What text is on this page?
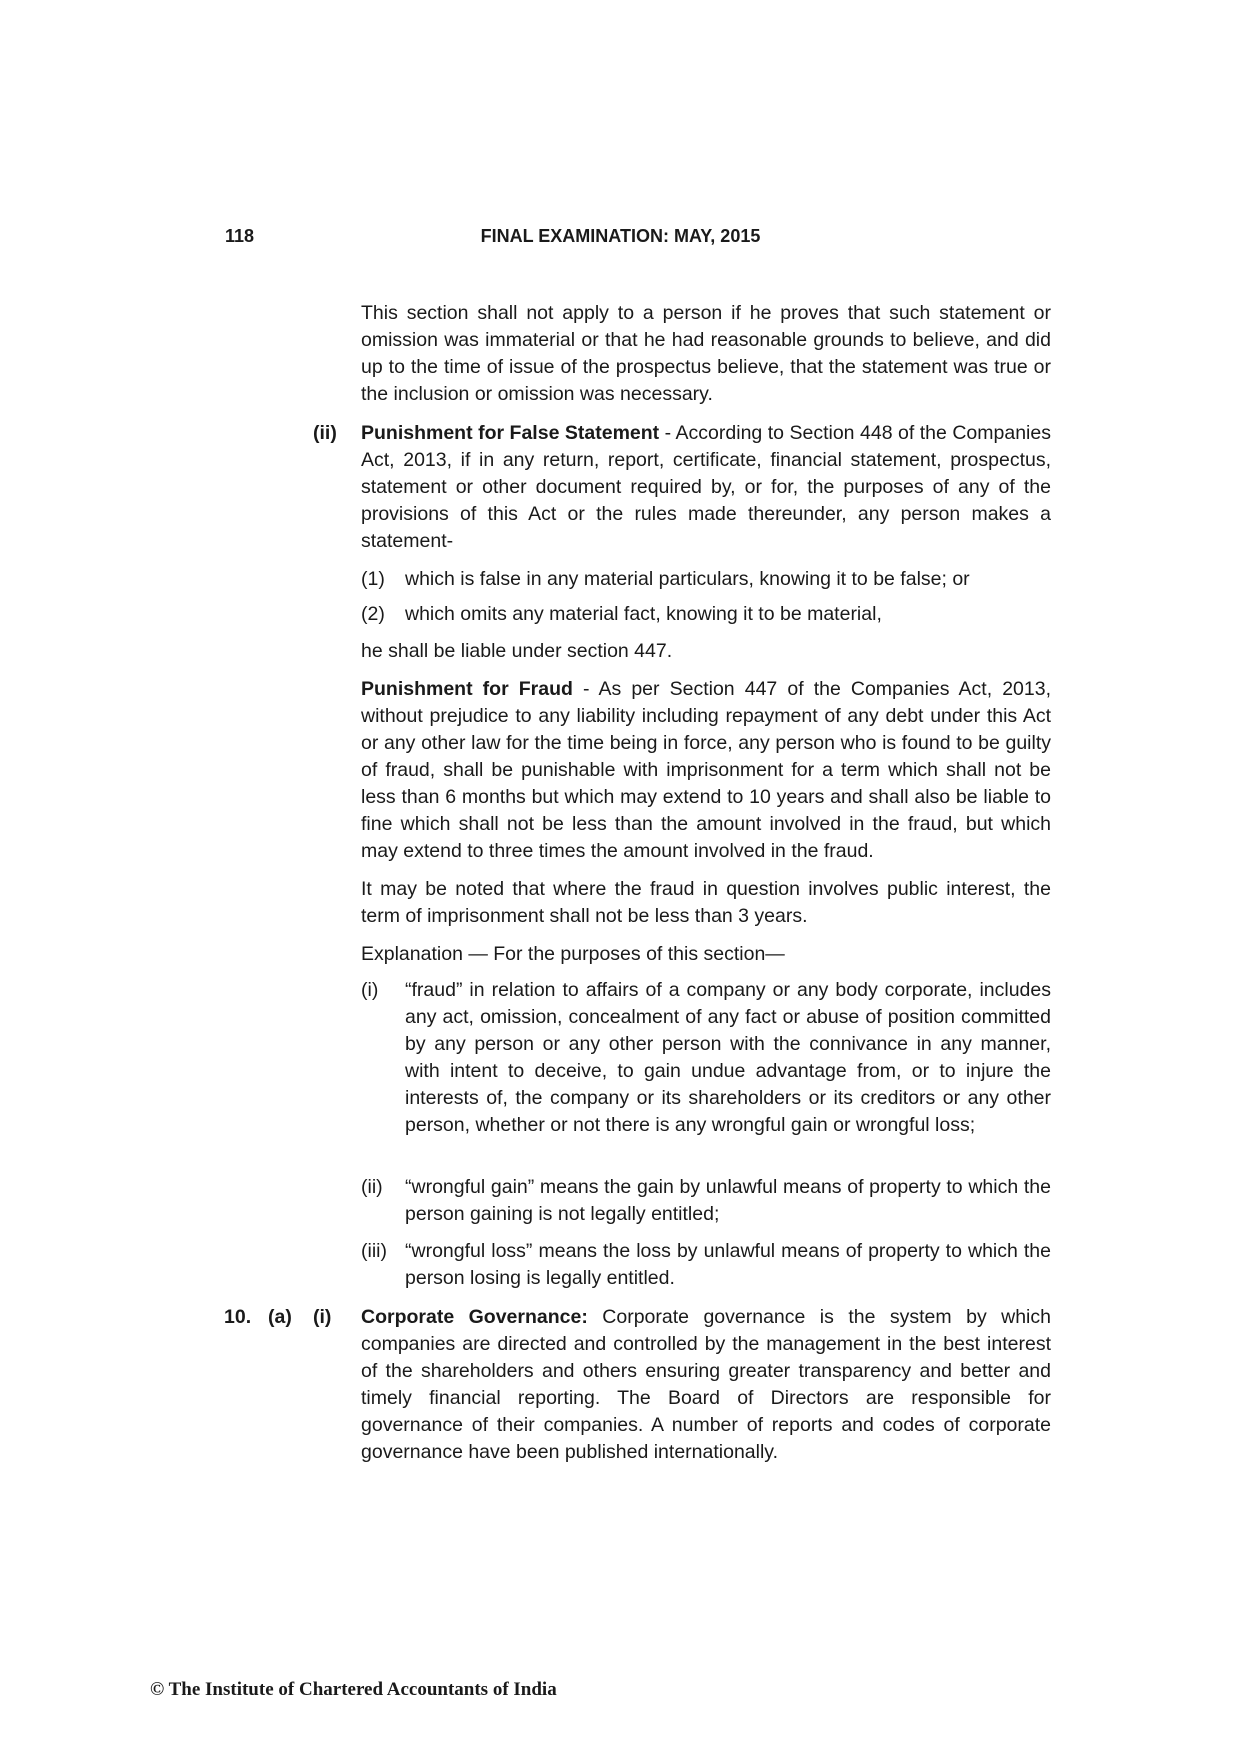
118	FINAL EXAMINATION: MAY, 2015

This section shall not apply to a person if he proves that such statement or omission was immaterial or that he had reasonable grounds to believe, and did up to the time of issue of the prospectus believe, that the statement was true or the inclusion or omission was necessary.

(ii) Punishment for False Statement - According to Section 448 of the Companies Act, 2013, if in any return, report, certificate, financial statement, prospectus, statement or other document required by, or for, the purposes of any of the provisions of this Act or the rules made thereunder, any person makes a statement-

(1)	which is false in any material particulars, knowing it to be false; or
(2)	which omits any material fact, knowing it to be material,

he shall be liable under section 447.

Punishment for Fraud - As per Section 447 of the Companies Act, 2013, without prejudice to any liability including repayment of any debt under this Act or any other law for the time being in force, any person who is found to be guilty of fraud, shall be punishable with imprisonment for a term which shall not be less than 6 months but which may extend to 10 years and shall also be liable to fine which shall not be less than the amount involved in the fraud, but which may extend to three times the amount involved in the fraud.

It may be noted that where the fraud in question involves public interest, the term of imprisonment shall not be less than 3 years.

Explanation — For the purposes of this section—

(i)	“fraud” in relation to affairs of a company or any body corporate, includes any act, omission, concealment of any fact or abuse of position committed by any person or any other person with the connivance in any manner, with intent to deceive, to gain undue advantage from, or to injure the interests of, the company or its shareholders or its creditors or any other person, whether or not there is any wrongful gain or wrongful loss;
(ii)	“wrongful gain” means the gain by unlawful means of property to which the person gaining is not legally entitled;
(iii) “wrongful loss” means the loss by unlawful means of property to which the person losing is legally entitled.
10. (a) (i) Corporate Governance: Corporate governance is the system by which companies are directed and controlled by the management in the best interest of the shareholders and others ensuring greater transparency and better and timely financial reporting. The Board of Directors are responsible for governance of their companies. A number of reports and codes of corporate governance have been published internationally.

© The Institute of Chartered Accountants of India
